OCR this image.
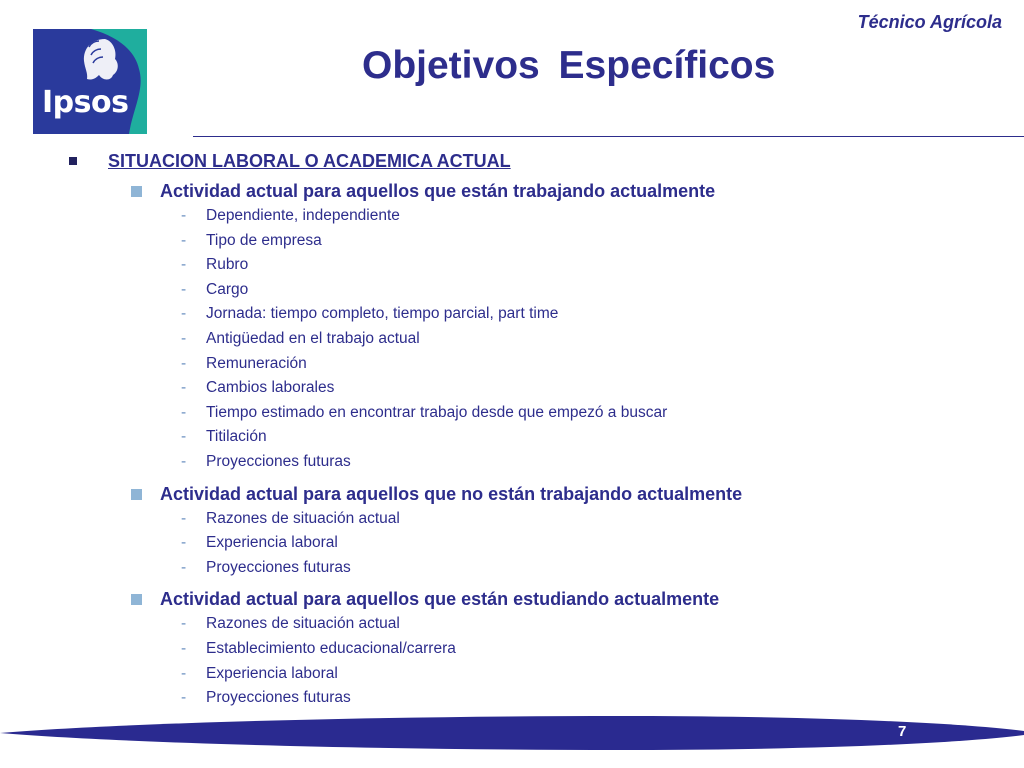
Ipsos
Técnico Agrícola
Objetivos Específicos
SITUACION LABORAL O ACADEMICA ACTUAL
Actividad actual para aquellos que están trabajando actualmente
- Dependiente, independiente
- Tipo de empresa
- Rubro
- Cargo
- Jornada: tiempo completo, tiempo parcial, part time
- Antigüedad en el trabajo actual
- Remuneración
- Cambios laborales
- Tiempo estimado en encontrar trabajo desde que empezó a buscar
- Titilación
- Proyecciones futuras
Actividad actual para aquellos que no están trabajando actualmente
- Razones de situación actual
- Experiencia laboral
- Proyecciones futuras
Actividad actual para aquellos que están estudiando actualmente
- Razones de situación actual
- Establecimiento educacional/carrera
- Experiencia laboral
- Proyecciones futuras
7
